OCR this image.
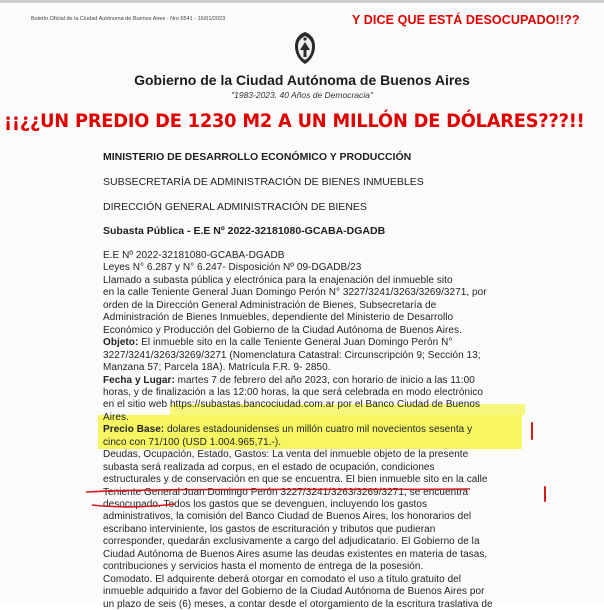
Boletín Oficial de la Ciudad Autónoma de Buenos Aires - Nro 6541 - 16/01/2023	Y DICE QUE ESTÁ DESOCUPADO!!??
Gobierno de la Ciudad Autónoma de Buenos Aires
"1983-2023. 40 Años de Democracia"
¡¡¿¿UN PREDIO DE 1230 M2 A UN MILLÓN DE DÓLARES???!!
MINISTERIO DE DESARROLLO ECONÓMICO Y PRODUCCIÓN
SUBSECRETARÍA DE ADMINISTRACIÓN DE BIENES INMUEBLES
DIRECCIÓN GENERAL ADMINISTRACIÓN DE BIENES
Subasta Pública - E.E Nº 2022-32181080-GCABA-DGADB
E.E Nº 2022-32181080-GCABA-DGADB
Leyes N° 6.287 y N° 6.247- Disposición Nº 09-DGADB/23
Llamado a subasta pública y electrónica para la enajenación del inmueble sito
en la calle Teniente General Juan Domingo Perón N° 3227/3241/3263/3269/3271, por
orden de la Dirección General Administración de Bienes, Subsecretaría de
Administración de Bienes Inmuebles, dependiente del Ministerio de Desarrollo
Económico y Producción del Gobierno de la Ciudad Autónoma de Buenos Aires.
Objeto: El inmueble sito en la calle Teniente General Juan Domingo Perón N°
3227/3241/3263/3269/3271 (Nomenclatura Catastral: Circunscripción 9; Sección 13;
Manzana 57; Parcela 18A). Matrícula F.R. 9- 2850.
Fecha y Lugar: martes 7 de febrero del año 2023, con horario de inicio a las 11:00
horas, y de finalización a las 12:00 horas, la que será celebrada en modo electrónico
en el sitio web https://subastas.bancociudad.com.ar por el Banco Ciudad de Buenos
Aires.
Precio Base: dolares estadounidenses un millón cuatro mil novecientos sesenta y
cinco con 71/100 (USD 1.004.965,71.-).
Deudas, Ocupación, Estado, Gastos: La venta del inmueble objeto de la presente
subasta será realizada ad corpus, en el estado de ocupación, condiciones
estructurales y de conservación en que se encuentra. El bien inmueble sito en la calle
Teniente General Juan Domingo Perón 3227/3241/3263/3269/3271, se encuentra
desocupado. Todos los gastos que se devenguen, incluyendo los gastos
administrativos, la comisión del Banco Ciudad de Buenos Aires, los honorarios del
escribano interviniente, los gastos de escrituración y tributos que pudieran
corresponder, quedarán exclusivamente a cargo del adjudicatario. El Gobierno de la
Ciudad Autónoma de Buenos Aires asume las deudas existentes en materia de tasas,
contribuciones y servicios hasta el momento de entrega de la posesión.
Comodato. El adquirente deberá otorgar en comodato el uso a título gratuito del
inmueble adquirido a favor del Gobierno de la Ciudad Autónoma de Buenos Aires por
un plazo de seis (6) meses, a contar desde el otorgamiento de la escritura traslativa de
